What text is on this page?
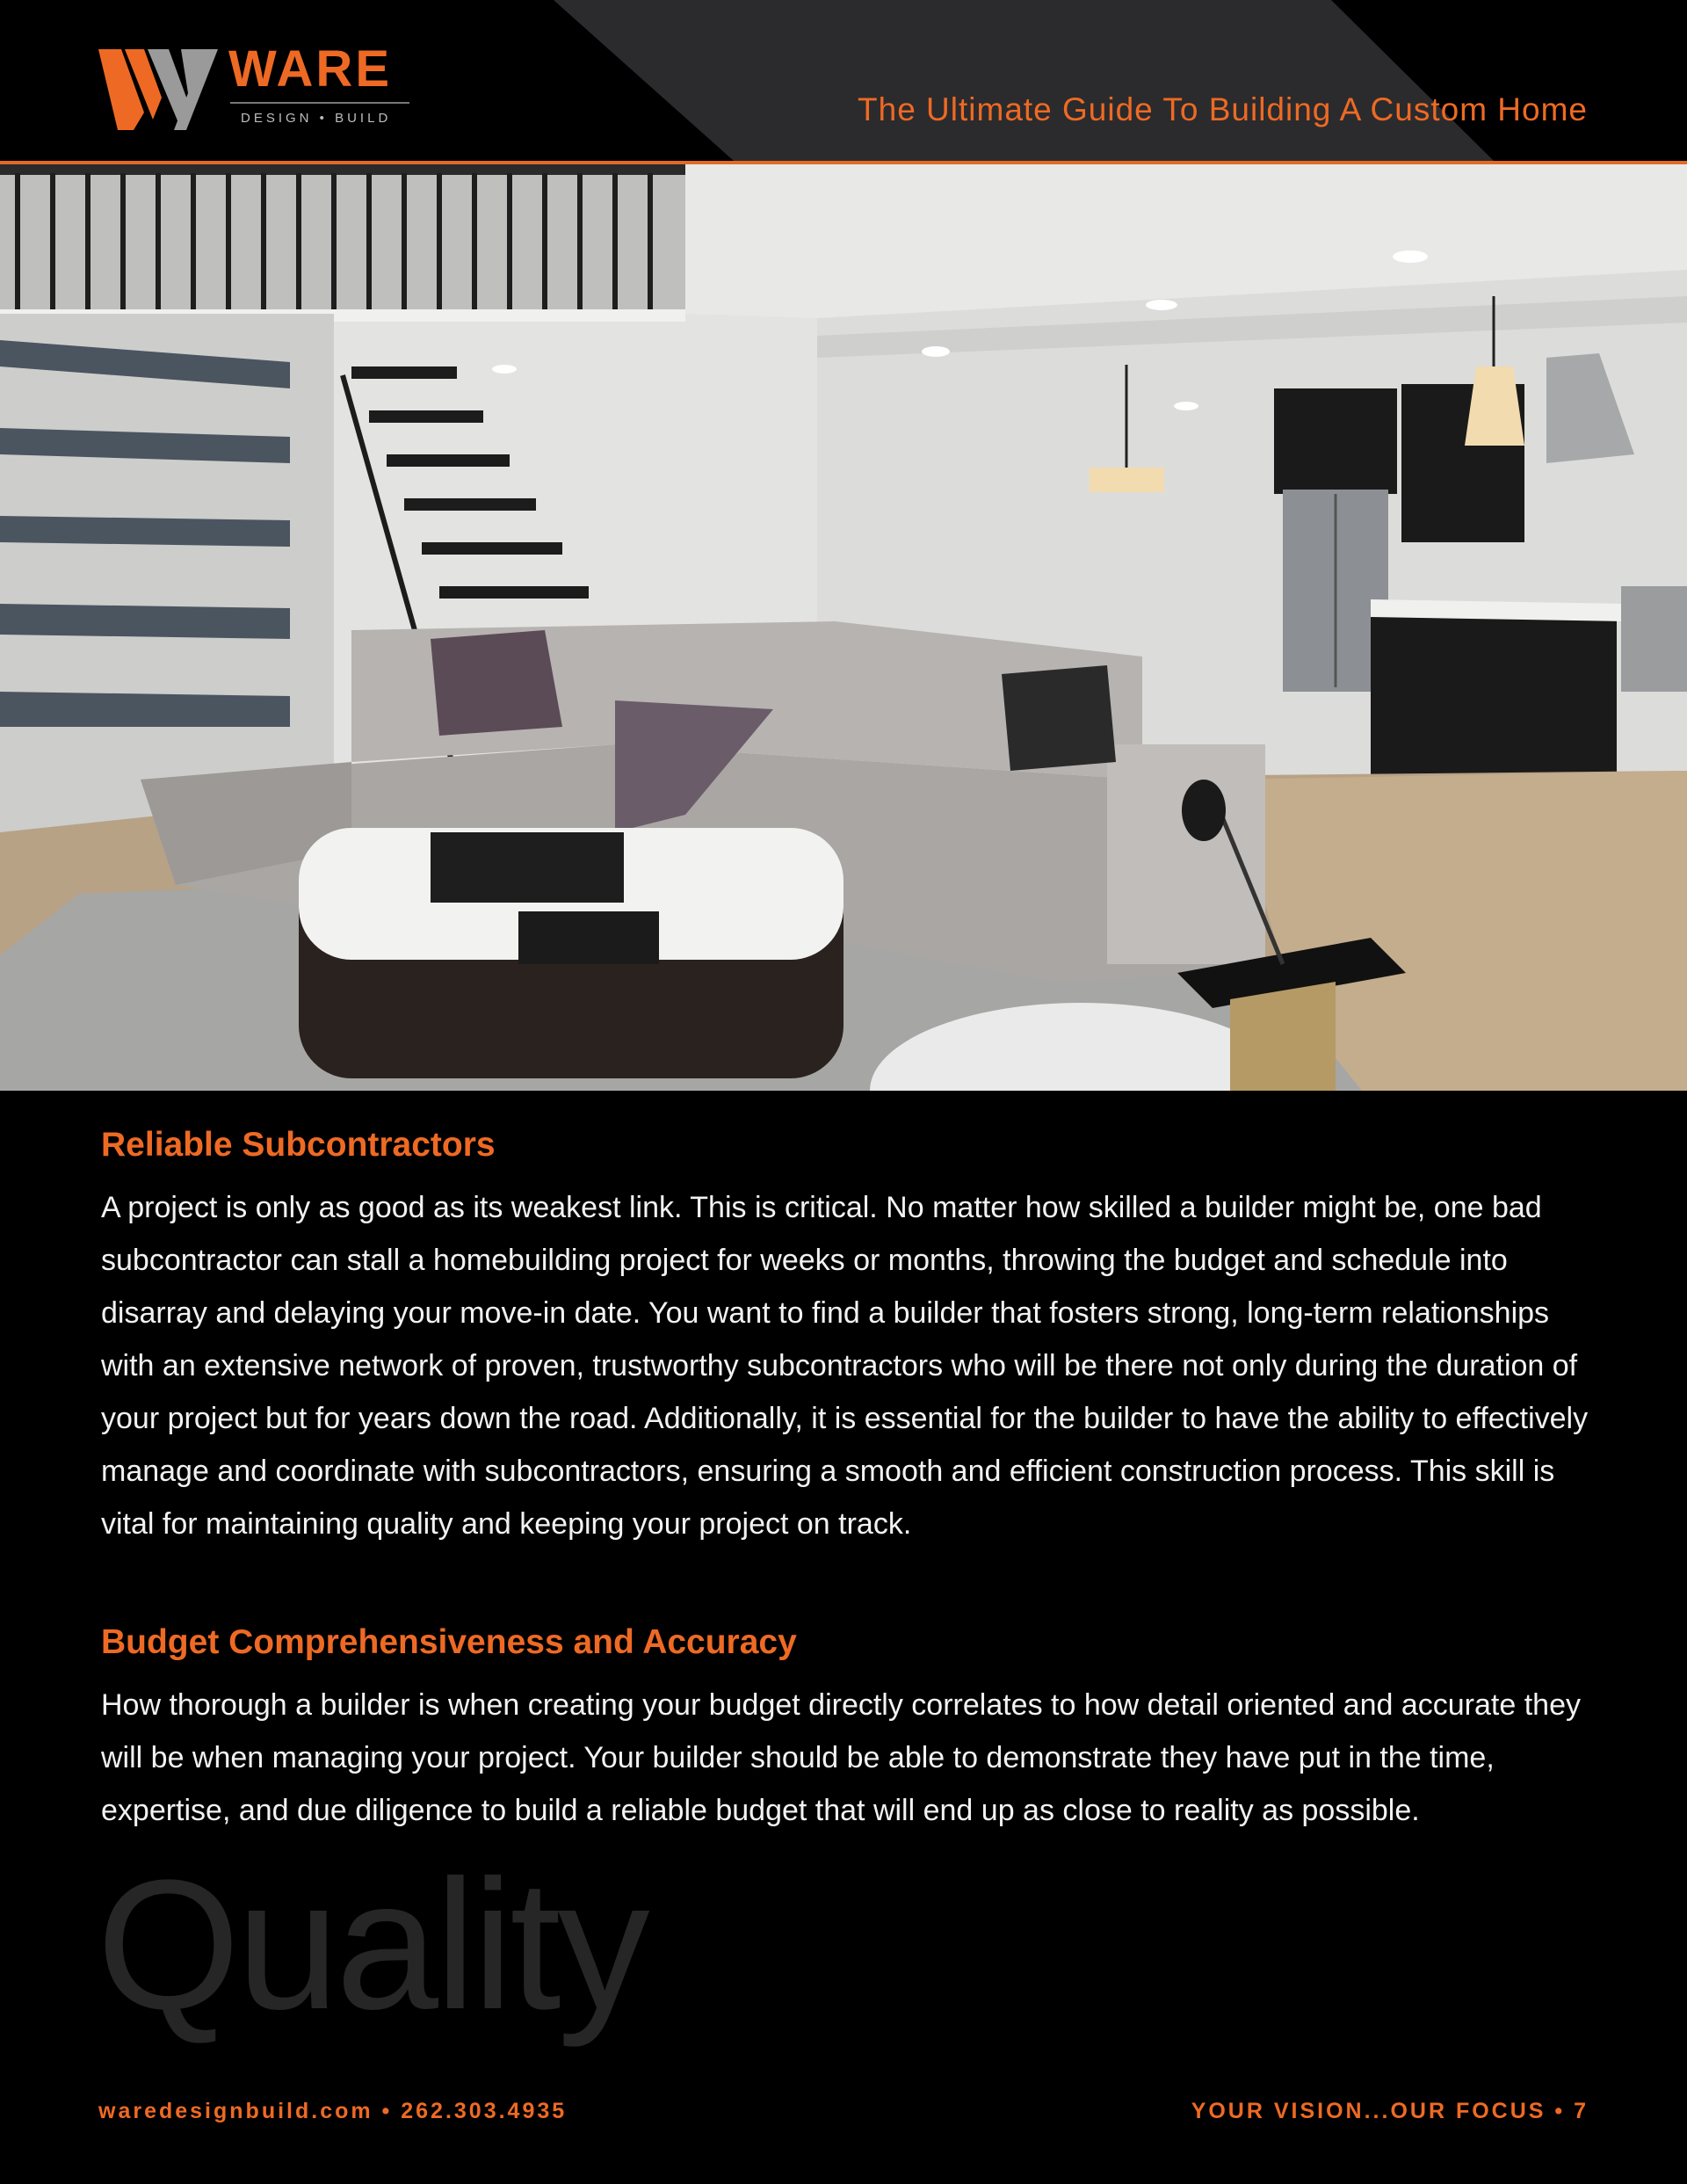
WARE
DESIGN • BUILD	The Ultimate Guide To Building A Custom Home
Reliable Subcontractors

A project is only as good as its weakest link. This is critical. No matter how skilled a builder might be, one bad subcontractor can stall a homebuilding project for weeks or months, throwing the budget and schedule into disarray and delaying your move-in date. You want to find a builder that fosters strong, long-term relationships with an extensive network of proven, trustworthy subcontractors who will be there not only during the duration of your project but for years down the road. Additionally, it is essential for the builder to have the ability to effectively manage and coordinate with subcontractors, ensuring a smooth and efficient construction process. This skill is vital for maintaining quality and keeping your project on track.

Budget Comprehensiveness and Accuracy

How thorough a builder is when creating your budget directly correlates to how detail oriented and accurate they will be when managing your project. Your builder should be able to demonstrate they have put in the time, expertise, and due diligence to build a reliable budget that will end up as close to reality as possible.

Quality
waredesignbuild.com • 262.303.4935	YOUR VISION...OUR FOCUS • 7
